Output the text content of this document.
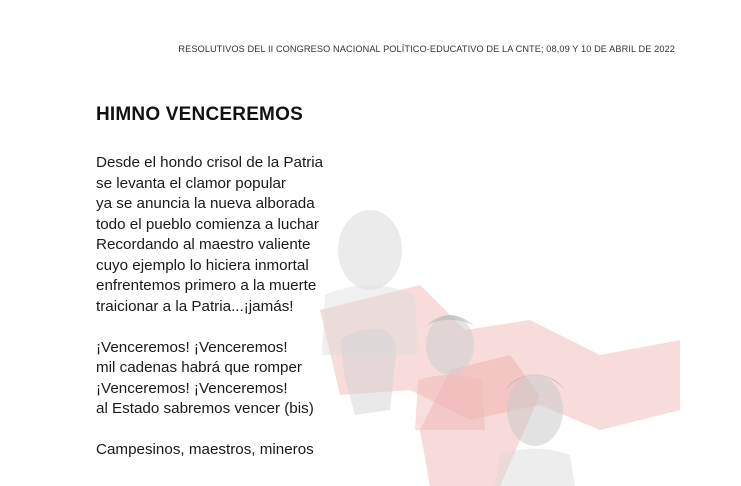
RESOLUTIVOS DEL II CONGRESO NACIONAL POLÍTICO-EDUCATIVO DE LA CNTE; 08,09 Y 10 DE ABRIL DE 2022
HIMNO VENCEREMOS
Desde el hondo crisol de la Patria
se levanta el clamor popular
ya se anuncia la nueva alborada
todo el pueblo comienza a luchar
Recordando al maestro valiente
cuyo ejemplo lo hiciera inmortal
enfrentemos primero a la muerte
traicionar a la Patria...¡jamás!
¡Venceremos! ¡Venceremos!
mil cadenas habrá que romper
¡Venceremos! ¡Venceremos!
al Estado sabremos vencer (bis)
Campesinos, maestros, mineros
